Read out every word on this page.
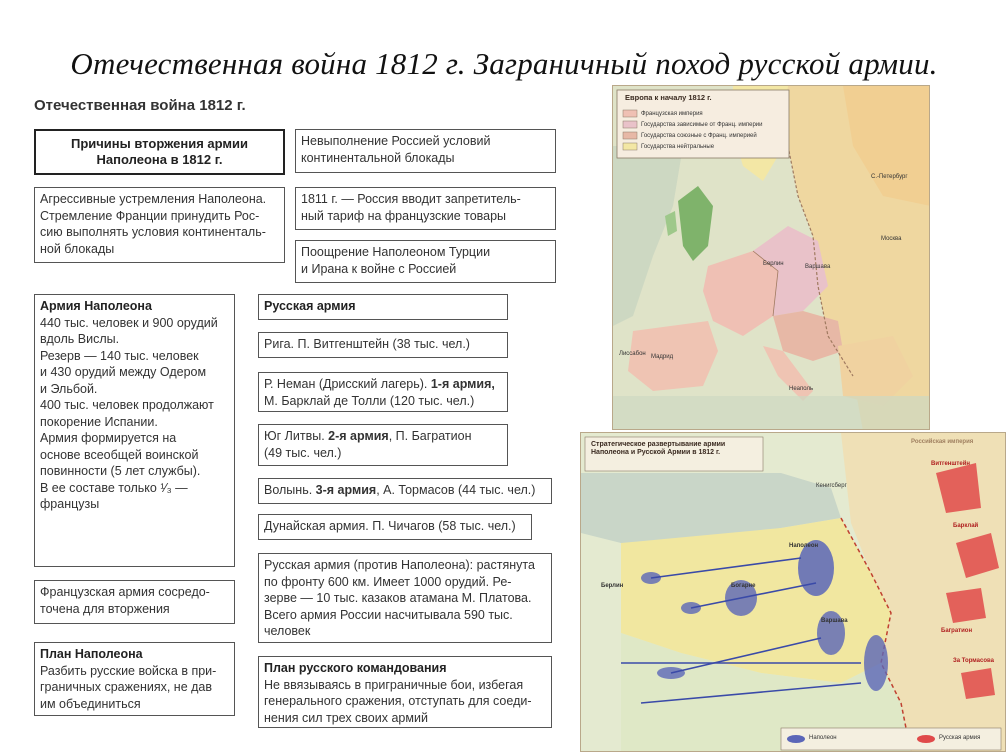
Отечественная война 1812 г. Заграничный поход русской армии.
Отечественная война 1812 г.
Причины вторжения армии Наполеона в 1812 г.
Невыполнение Россией условий континентальной блокады
Агрессивные устремления Наполеона.
Стремление Франции принудить Рос-
сию выполнять условия континенталь-
ной блокады
1811 г. — Россия вводит запретитель-
ный тариф на французские товары
Поощрение Наполеоном Турции
и Ирана к войне с Россией
Армия Наполеона
440 тыс. человек и 900 орудий
вдоль Вислы.
Резерв — 140 тыс. человек
и 430 орудий между Одером
и Эльбой.
400 тыс. человек продолжают
покорение Испании.
Армия формируется на
основе всеобщей воинской
повинности (5 лет службы).
В ее составе только ¹⁄₃ —
французы
Французская армия сосредо-
точена для вторжения
План Наполеона
Разбить русские войска в при-
граничных сражениях, не дав
им объединиться
Русская армия
Рига. П. Витгенштейн (38 тыс. чел.)
Р. Неман (Дрисский лагерь). 1-я армия,
М. Барклай де Толли (120 тыс. чел.)
Юг Литвы. 2-я армия, П. Багратион
(49 тыс. чел.)
Волынь. 3-я армия, А. Тормасов (44 тыс. чел.)
Дунайская армия. П. Чичагов (58 тыс. чел.)
Русская армия (против Наполеона): растянута
по фронту 600 км. Имеет 1000 орудий. Ре-
зерве — 10 тыс. казаков атамана М. Платова.
Всего армия России насчитывала 590 тыс.
человек
План русского командования
Не ввязываясь в приграничные бои, избегая
генерального сражения, отступать для соеди-
нения сил трех своих армий
Европа к началу 1812 г.
Французская империя
Государства зависимые от Франц. империи
Государства союзные с Франц. империей
Государства нейтральные
Мадрид
Берлин	Варшава
С.-Петербург
Москва
Лиссабон
Неаполь
Стратегическое развертывание армии Наполеона и Русской Армии в 1812 г.
Наполеон
Кенигсберг
Варшава
Берлин	Богарне
Витгенштейн
Барклай
Багратион
За Тормасова
Российская империя
Наполеон	Русская армия
